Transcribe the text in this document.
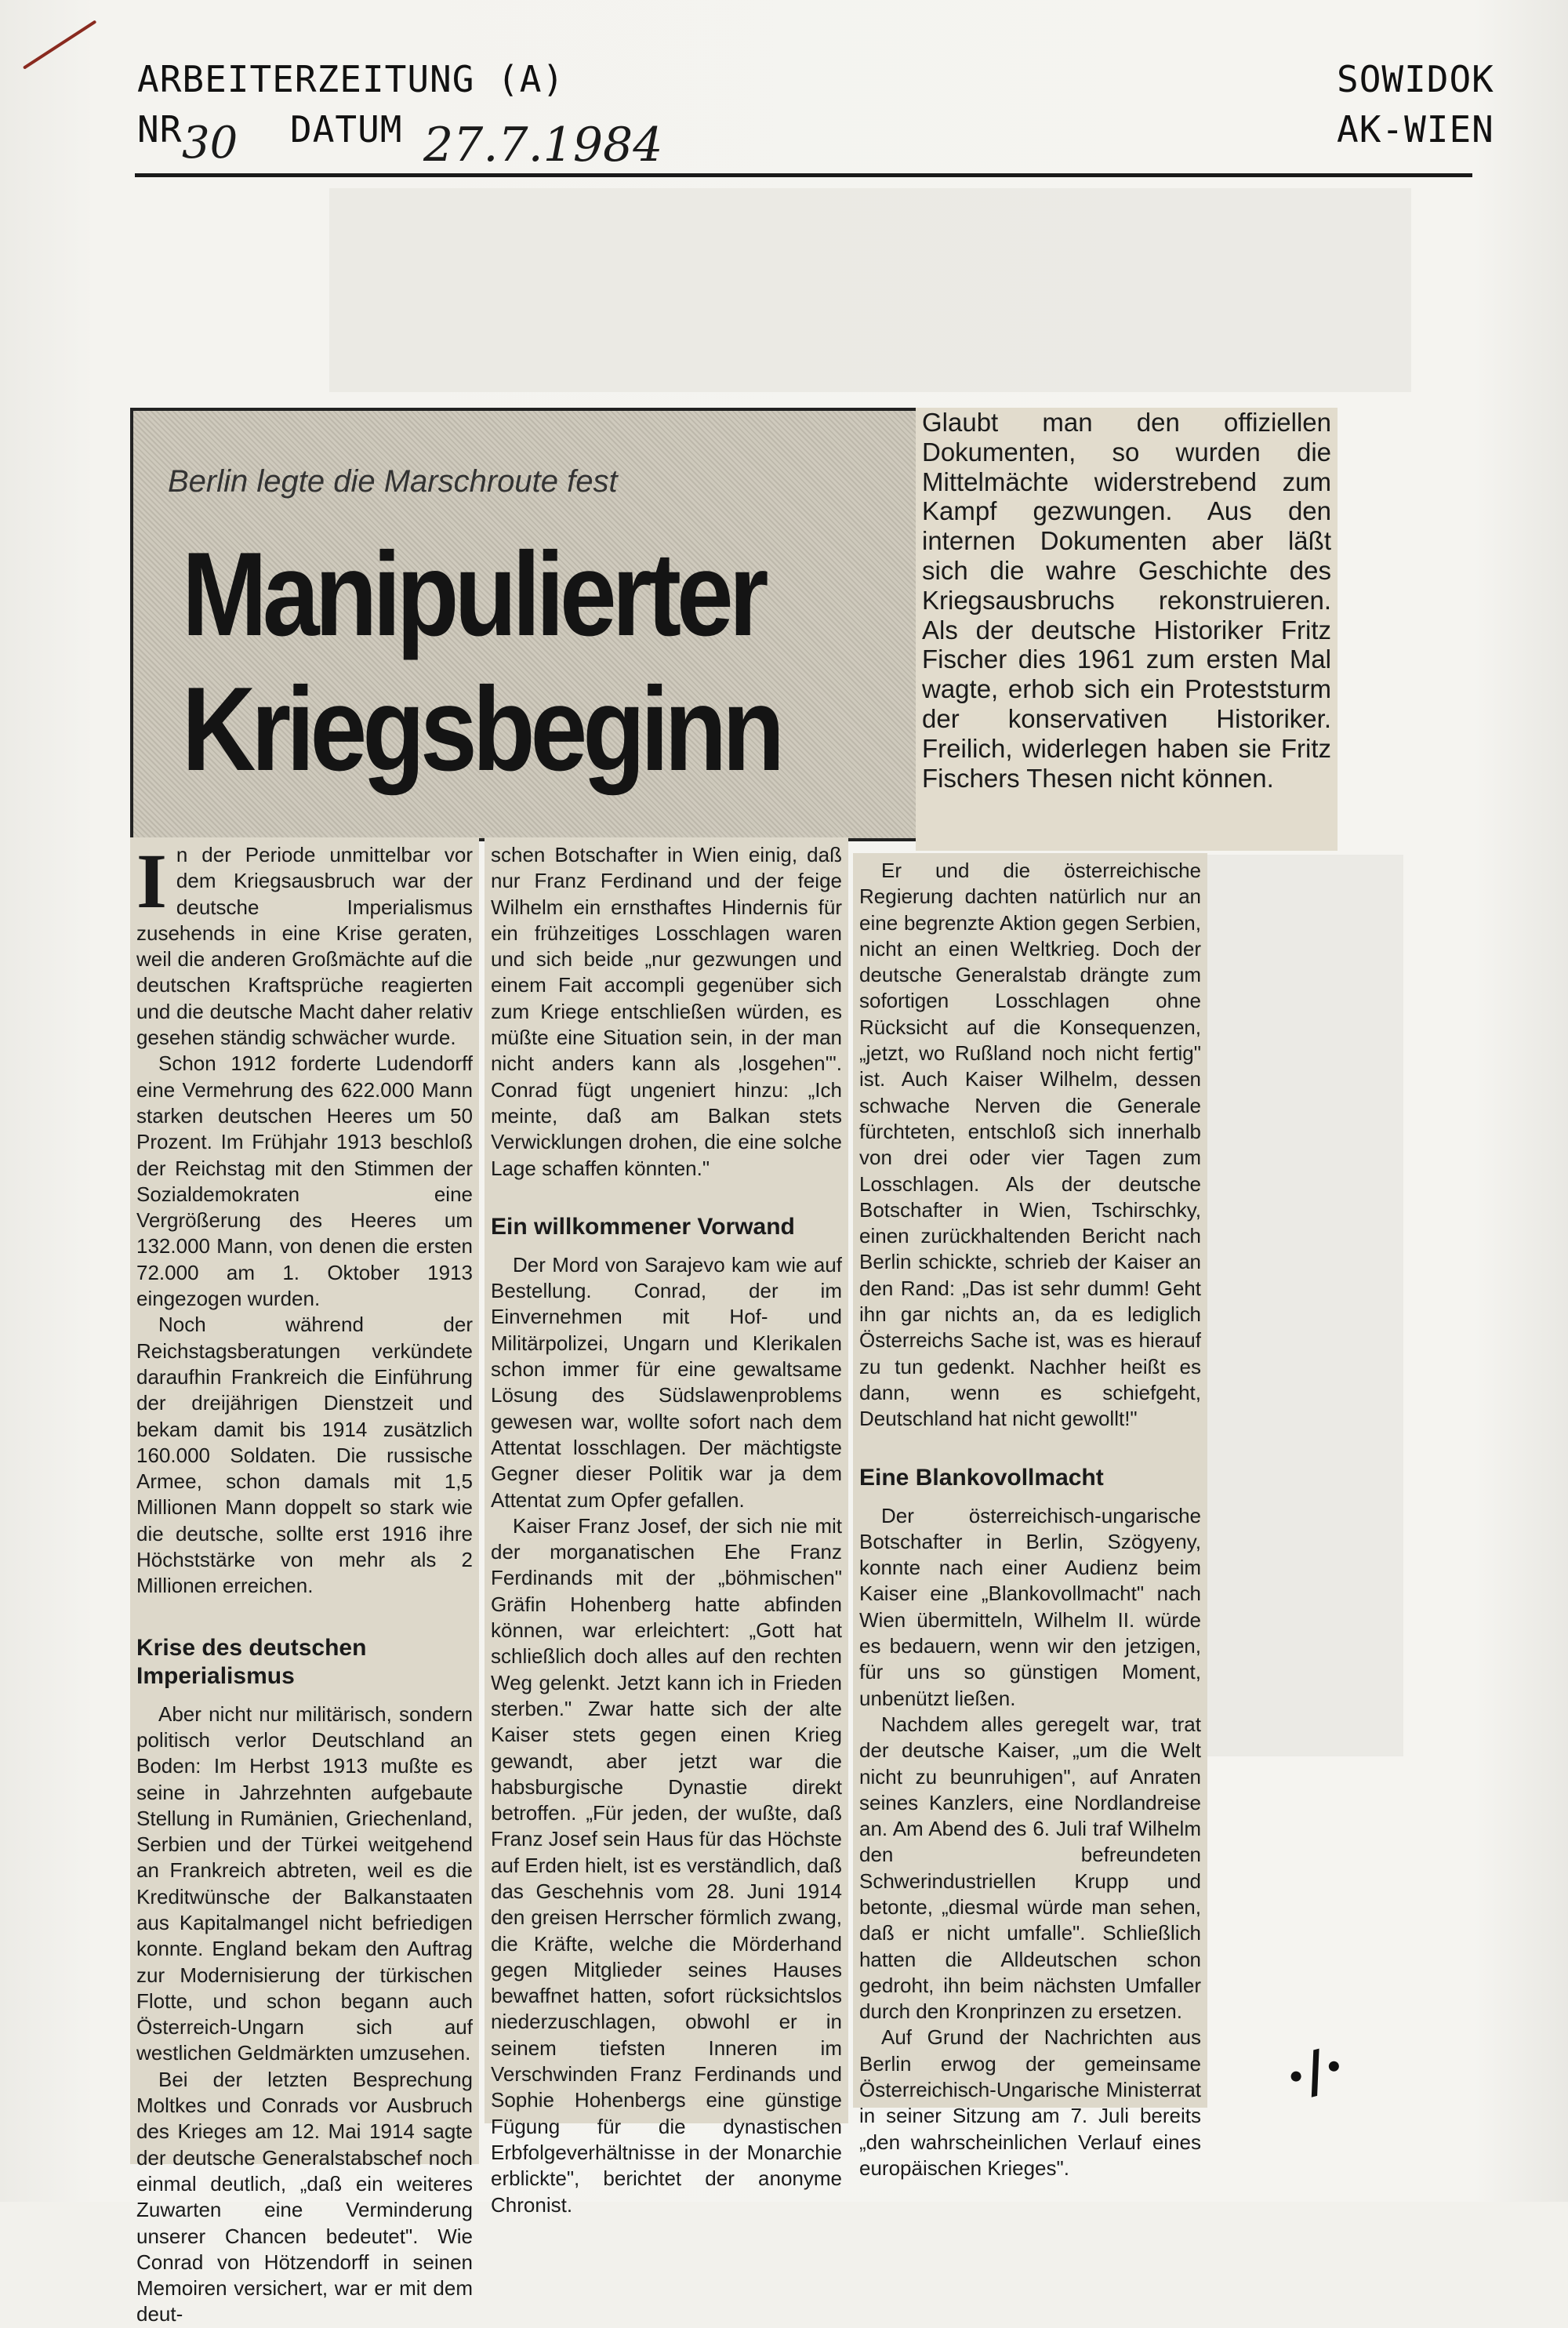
ARBEITERZEITUNG (A)
NR 30 DATUM 27.7.1984
SOWIDOK
AK-WIEN
Berlin legte die Marschroute fest
Manipulierter
Kriegsbeginn
Glaubt man den offiziellen Dokumenten, so wurden die Mittelmächte widerstrebend zum Kampf gezwungen. Aus den internen Dokumenten aber läßt sich die wahre Geschichte des Kriegsausbruchs rekonstruieren. Als der deutsche Historiker Fritz Fischer dies 1961 zum ersten Mal wagte, erhob sich ein Proteststurm der konservativen Historiker. Freilich, widerlegen haben sie Fritz Fischers Thesen nicht können.
I n der Periode unmittelbar vor dem Kriegsausbruch war der deutsche Imperialismus zusehends in eine Krise geraten, weil die anderen Großmächte auf die deutschen Kraftsprüche reagierten und die deutsche Macht daher relativ gesehen ständig schwächer wurde.

Schon 1912 forderte Ludendorff eine Vermehrung des 622.000 Mann starken deutschen Heeres um 50 Prozent. Im Frühjahr 1913 beschloß der Reichstag mit den Stimmen der Sozialdemokraten eine Vergrößerung des Heeres um 132.000 Mann, von denen die ersten 72.000 am 1. Oktober 1913 eingezogen wurden.

Noch während der Reichstagsberatungen verkündete daraufhin Frankreich die Einführung der dreijährigen Dienstzeit und bekam damit bis 1914 zusätzlich 160.000 Soldaten. Die russische Armee, schon damals mit 1,5 Millionen Mann doppelt so stark wie die deutsche, sollte erst 1916 ihre Höchststärke von mehr als 2 Millionen erreichen.

Krise des deutschen Imperialismus

Aber nicht nur militärisch, sondern politisch verlor Deutschland an Boden: Im Herbst 1913 mußte es seine in Jahrzehnten aufgebaute Stellung in Rumänien, Griechenland, Serbien und der Türkei weitgehend an Frankreich abtreten, weil es die Kreditwünsche der Balkanstaaten aus Kapitalmangel nicht befriedigen konnte. England bekam den Auftrag zur Modernisierung der türkischen Flotte, und schon begann auch Österreich-Ungarn sich auf westlichen Geldmärkten umzusehen.

Bei der letzten Besprechung Moltkes und Conrads vor Ausbruch des Krieges am 12. Mai 1914 sagte der deutsche Generalstabschef noch einmal deutlich, „daß ein weiteres Zuwarten eine Verminderung unserer Chancen bedeutet". Wie Conrad von Hötzendorff in seinen Memoiren versichert, war er mit dem deut-

schen Botschafter in Wien einig, daß nur Franz Ferdinand und der feige Wilhelm ein ernsthaftes Hindernis für ein frühzeitiges Losschlagen waren und sich beide „nur gezwungen und einem Fait accompli gegenüber sich zum Kriege entschließen würden, es müßte eine Situation sein, in der man nicht anders kann als ‚losgehen'". Conrad fügt ungeniert hinzu: „Ich meinte, daß am Balkan stets Verwicklungen drohen, die eine solche Lage schaffen könnten."

Ein willkommener Vorwand

Der Mord von Sarajevo kam wie auf Bestellung. Conrad, der im Einvernehmen mit Hof- und Militärpolizei, Ungarn und Klerikalen schon immer für eine gewaltsame Lösung des Südslawenproblems gewesen war, wollte sofort nach dem Attentat losschlagen. Der mächtigste Gegner dieser Politik war ja dem Attentat zum Opfer gefallen.

Kaiser Franz Josef, der sich nie mit der morganatischen Ehe Franz Ferdinands mit der „böhmischen" Gräfin Hohenberg hatte abfinden können, war erleichtert: „Gott hat schließlich doch alles auf den rechten Weg gelenkt. Jetzt kann ich in Frieden sterben." Zwar hatte sich der alte Kaiser stets gegen einen Krieg gewandt, aber jetzt war die habsburgische Dynastie direkt betroffen. „Für jeden, der wußte, daß Franz Josef sein Haus für das Höchste auf Erden hielt, ist es verständlich, daß das Geschehnis vom 28. Juni 1914 den greisen Herrscher förmlich zwang, die Kräfte, welche die Mörderhand gegen Mitglieder seines Hauses bewaffnet hatten, sofort rücksichtslos niederzuschlagen, obwohl er in seinem tiefsten Inneren im Verschwinden Franz Ferdinands und Sophie Hohenbergs eine günstige Fügung für die dynastischen Erbfolgeverhältnisse in der Monarchie erblickte", berichtet der anonyme Chronist.

Er und die österreichische Regierung dachten natürlich nur an eine begrenzte Aktion gegen Serbien, nicht an einen Weltkrieg. Doch der deutsche Generalstab drängte zum sofortigen Losschlagen ohne Rücksicht auf die Konsequenzen, „jetzt, wo Rußland noch nicht fertig" ist. Auch Kaiser Wilhelm, dessen schwache Nerven die Generale fürchteten, entschloß sich innerhalb von drei oder vier Tagen zum Losschlagen. Als der deutsche Botschafter in Wien, Tschirschky, einen zurückhaltenden Bericht nach Berlin schickte, schrieb der Kaiser an den Rand: „Das ist sehr dumm! Geht ihn gar nichts an, da es lediglich Österreichs Sache ist, was es hierauf zu tun gedenkt. Nachher heißt es dann, wenn es schiefgeht, Deutschland hat nicht gewollt!"

Eine Blankovollmacht

Der österreichisch-ungarische Botschafter in Berlin, Szögyeny, konnte nach einer Audienz beim Kaiser eine „Blankovollmacht" nach Wien übermitteln, Wilhelm II. würde es bedauern, wenn wir den jetzigen, für uns so günstigen Moment, unbenützt ließen.

Nachdem alles geregelt war, trat der deutsche Kaiser, „um die Welt nicht zu beunruhigen", auf Anraten seines Kanzlers, eine Nordlandreise an. Am Abend des 6. Juli traf Wilhelm den befreundeten Schwerindustriellen Krupp und betonte, „diesmal würde man sehen, daß er nicht umfalle". Schließlich hatten die Alldeutschen schon gedroht, ihn beim nächsten Umfaller durch den Kronprinzen zu ersetzen.

Auf Grund der Nachrichten aus Berlin erwog der gemeinsame Österreichisch-Ungarische Ministerrat in seiner Sitzung am 7. Juli bereits „den wahrscheinlichen Verlauf eines europäischen Krieges".

·/·
